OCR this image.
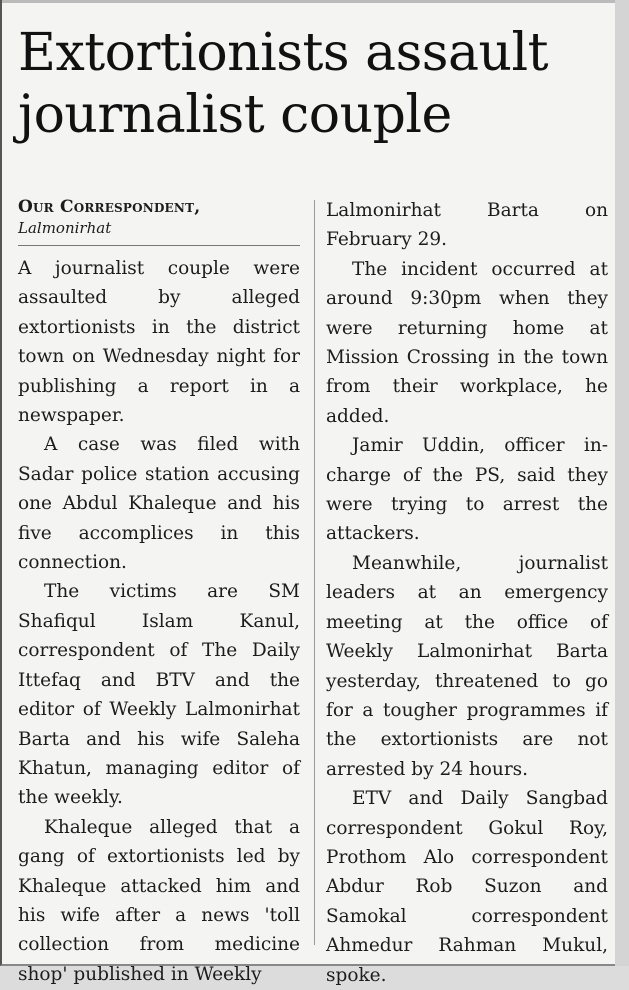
Extortionists assault journalist couple
Our Correspondent,
Lalmonirhat

A journalist couple were assaulted by alleged extortionists in the district town on Wednesday night for publishing a report in a newspaper.

A case was filed with Sadar police station accusing one Abdul Khaleque and his five accomplices in this connection.

The victims are SM Shafiqul Islam Kanul, correspondent of The Daily Ittefaq and BTV and the editor of Weekly Lalmonirhat Barta and his wife Saleha Khatun, managing editor of the weekly.

Khaleque alleged that a gang of extortionists led by Khaleque attacked him and his wife after a news 'toll collection from medicine shop' published in Weekly

Lalmonirhat Barta on February 29.

The incident occurred at around 9:30pm when they were returning home at Mission Crossing in the town from their workplace, he added.

Jamir Uddin, officer in-charge of the PS, said they were trying to arrest the attackers.

Meanwhile, journalist leaders at an emergency meeting at the office of Weekly Lalmonirhat Barta yesterday, threatened to go for a tougher programmes if the extortionists are not arrested by 24 hours.

ETV and Daily Sangbad correspondent Gokul Roy, Prothom Alo correspondent Abdur Rob Suzon and Samokal correspondent Ahmedur Rahman Mukul, spoke.
